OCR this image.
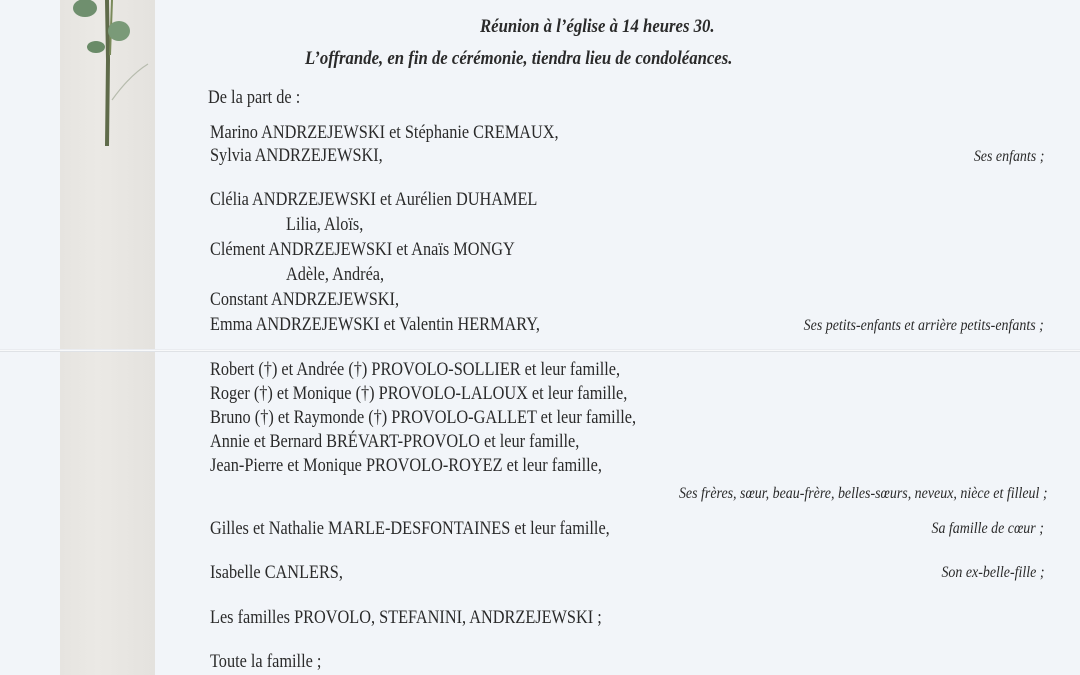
Réunion à l’église à 14 heures 30.
L’offrande, en fin de cérémonie, tiendra lieu de condoléances.
De la part de :
Marino ANDRZEJEWSKI et Stéphanie CREMAUX,
Sylvia ANDRZEJEWSKI,	Ses enfants ;
Clélia ANDRZEJEWSKI et Aurélien DUHAMEL
Lilia, Aloïs,
Clément ANDRZEJEWSKI et Anaïs MONGY
Adèle, Andréa,
Constant ANDRZEJEWSKI,
Emma ANDRZEJEWSKI et Valentin HERMARY,	Ses petits-enfants et arrière petits-enfants ;
Robert (†) et Andrée (†) PROVOLO-SOLLIER et leur famille,
Roger (†) et Monique (†) PROVOLO-LALOUX et leur famille,
Bruno (†) et Raymonde (†) PROVOLO-GALLET et leur famille,
Annie et Bernard BRÉVART-PROVOLO et leur famille,
Jean-Pierre et Monique PROVOLO-ROYEZ et leur famille,
Ses frères, sœur, beau-frère, belles-sœurs, neveux, nièce et filleul ;
Gilles et Nathalie MARLE-DESFONTAINES et leur famille,	Sa famille de cœur ;
Isabelle CANLERS,	Son ex-belle-fille ;
Les familles PROVOLO, STEFANINI, ANDRZEJEWSKI ;
Toute la famille ;
